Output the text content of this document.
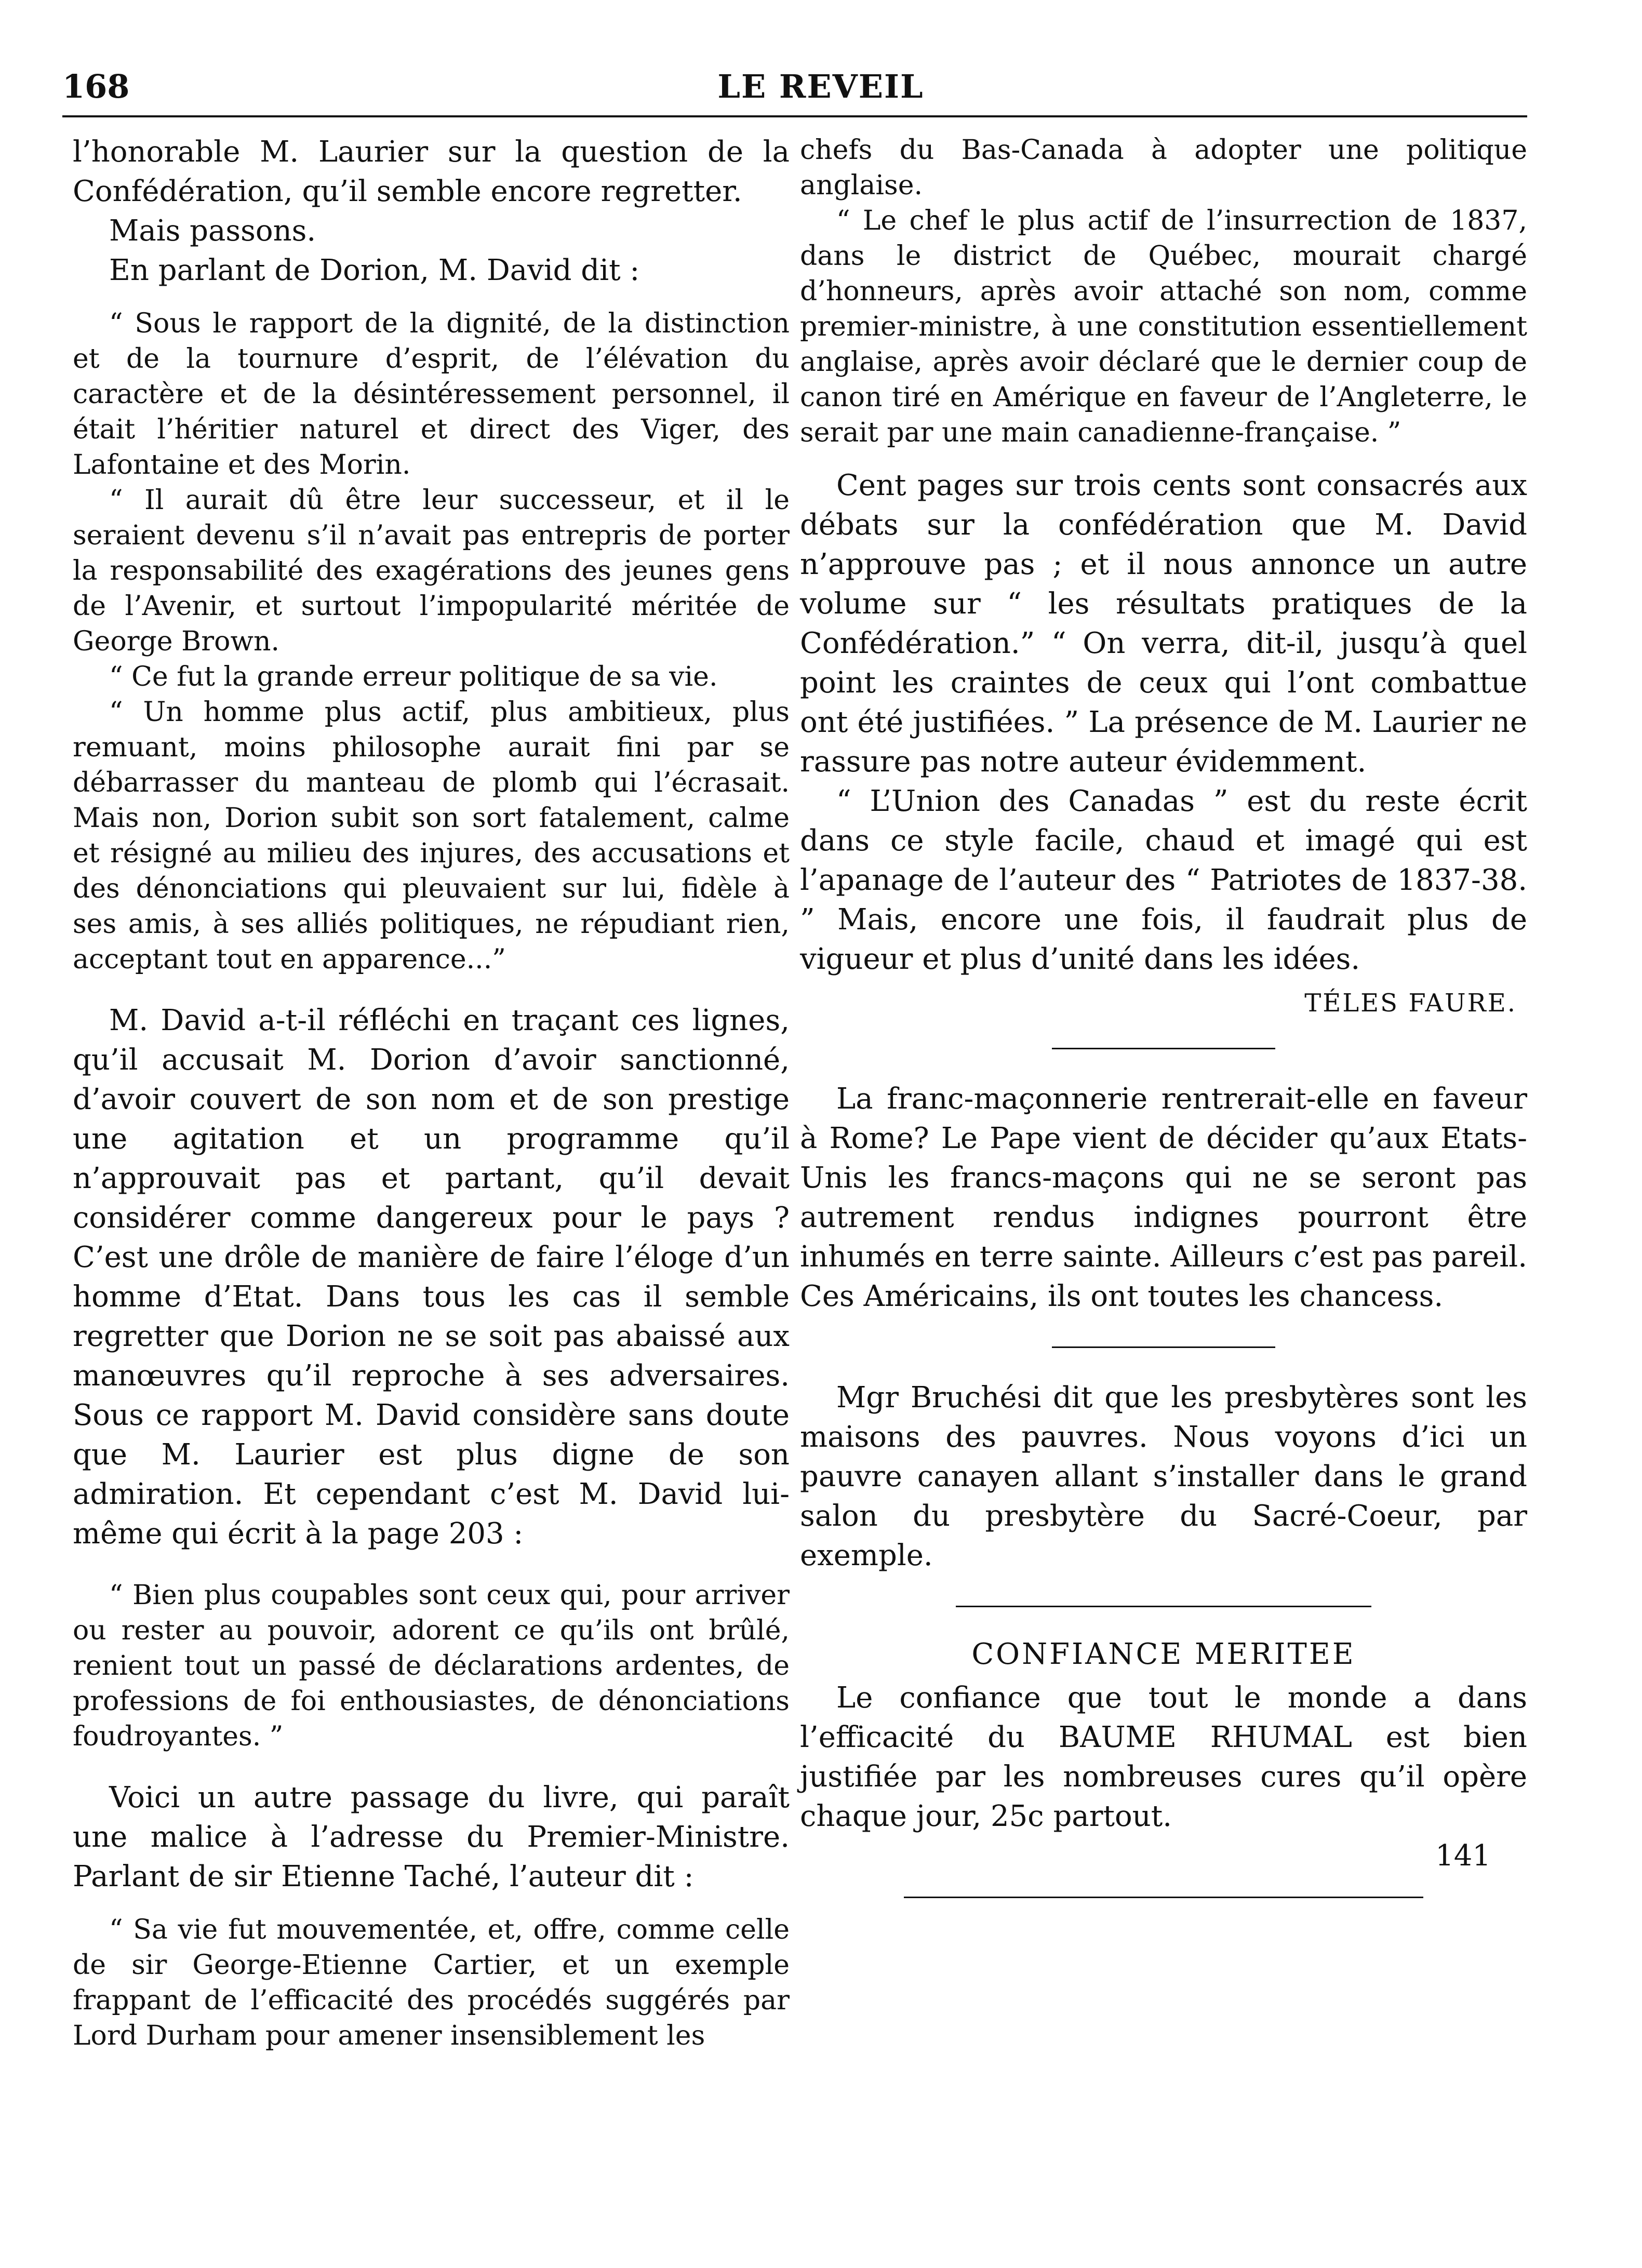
168	LE REVEIL

l’honorable M. Laurier sur la question de la Confédération, qu’il semble encore regretter.

Mais passons.

En parlant de Dorion, M. David dit :

“ Sous le rapport de la dignité, de la distinction et de la tournure d’esprit, de l’élévation du caractère et de la désintéressement personnel, il était l’héritier naturel et direct des Viger, des Lafontaine et des Morin.

“ Il aurait dû être leur successeur, et il le seraient devenu s’il n’avait pas entrepris de porter la responsabilité des exagérations des jeunes gens de l’Avenir, et surtout l’impopularité méritée de George Brown.

“ Ce fut la grande erreur politique de sa vie.

“ Un homme plus actif, plus ambitieux, plus remuant, moins philosophe aurait fini par se débarrasser du manteau de plomb qui l’écrasait. Mais non, Dorion subit son sort fatalement, calme et résigné au milieu des injures, des accusations et des dénonciations qui pleuvaient sur lui, fidèle à ses amis, à ses alliés politiques, ne répudiant rien, acceptant tout en apparence...”

M. David a-t-il réfléchi en traçant ces lignes, qu’il accusait M. Dorion d’avoir sanctionné, d’avoir couvert de son nom et de son prestige une agitation et un programme qu’il n’approuvait pas et partant, qu’il devait considérer comme dangereux pour le pays ? C’est une drôle de manière de faire l’éloge d’un homme d’Etat. Dans tous les cas il semble regretter que Dorion ne se soit pas abaissé aux manœuvres qu’il reproche à ses adversaires. Sous ce rapport M. David considère sans doute que M. Laurier est plus digne de son admiration. Et cependant c’est M. David lui-même qui écrit à la page 203 :

“ Bien plus coupables sont ceux qui, pour arriver ou rester au pouvoir, adorent ce qu’ils ont brûlé, renient tout un passé de déclarations ardentes, de professions de foi enthousiastes, de dénonciations foudroyantes. ”

Voici un autre passage du livre, qui paraît une malice à l’adresse du Premier-Ministre. Parlant de sir Etienne Taché, l’auteur dit :

“ Sa vie fut mouvementée, et, offre, comme celle de sir George-Etienne Cartier, et un exemple frappant de l’efficacité des procédés suggérés par Lord Durham pour amener insensiblement les

chefs du Bas-Canada à adopter une politique anglaise.

“ Le chef le plus actif de l’insurrection de 1837, dans le district de Québec, mourait chargé d’honneurs, après avoir attaché son nom, comme premier-ministre, à une constitution essentiellement anglaise, après avoir déclaré que le dernier coup de canon tiré en Amérique en faveur de l’Angleterre, le serait par une main canadienne-française. ”

Cent pages sur trois cents sont consacrés aux débats sur la confédération que M. David n’approuve pas ; et il nous annonce un autre volume sur “ les résultats pratiques de la Confédération.” “ On verra, dit-il, jusqu’à quel point les craintes de ceux qui l’ont combattue ont été justifiées. ” La présence de M. Laurier ne rassure pas notre auteur évidemment.

“ L’Union des Canadas ” est du reste écrit dans ce style facile, chaud et imagé qui est l’apanage de l’auteur des “ Patriotes de 1837-38. ” Mais, encore une fois, il faudrait plus de vigueur et plus d’unité dans les idées.

TÉLES FAURE.

La franc-maçonnerie rentrerait-elle en faveur à Rome? Le Pape vient de décider qu’aux Etats-Unis les francs-maçons qui ne se seront pas autrement rendus indignes pourront être inhumés en terre sainte. Ailleurs c’est pas pareil. Ces Américains, ils ont toutes les chancess.

Mgr Bruchési dit que les presbytères sont les maisons des pauvres. Nous voyons d’ici un pauvre canayen allant s’installer dans le grand salon du presbytère du Sacré-Coeur, par exemple.

CONFIANCE MERITEE

Le confiance que tout le monde a dans l’efficacité du BAUME RHUMAL est bien justifiée par les nombreuses cures qu’il opère chaque jour, 25c partout.

141
